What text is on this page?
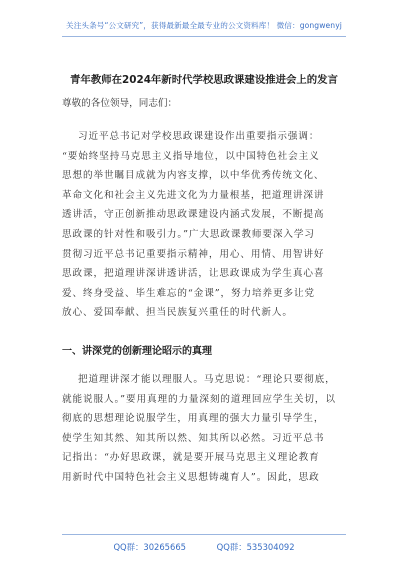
关注头条号“公文研究”，获得最新最全最专业的公文资料库！ 微信：gongwenyj
青年教师在2024年新时代学校思政课建设推进会上的发言
尊敬的各位领导，同志们：
习近平总书记对学校思政课建设作出重要指示强调：
“要始终坚持马克思主义指导地位，以中国特色社会主义
思想的举世瞩目成就为内容支撑，以中华优秀传统文化、
革命文化和社会主义先进文化为力量根基，把道理讲深讲
透讲活，守正创新推动思政课建设内涵式发展，不断提高
思政课的针对性和吸引力。”广大思政课教师要深入学习
贯彻习近平总书记重要指示精神，用心、用情、用智讲好
思政课，把道理讲深讲透讲活，让思政课成为学生真心喜
爱、终身受益、毕生难忘的“金课”，努力培养更多让党
放心、爱国奉献、担当民族复兴重任的时代新人。
一、讲深党的创新理论昭示的真理
把道理讲深才能以理服人。马克思说：“理论只要彻底，
就能说服人。”要用真理的力量深刻的道理回应学生关切，以
彻底的思想理论说服学生，用真理的强大力量引导学生，
使学生知其然、知其所以然、知其所以必然。习近平总书
记指出：“办好思政课，就是要开展马克思主义理论教育
用新时代中国特色社会主义思想铸魂育人”。因此，思政
QQ群：30265665	QQ群：535304092
